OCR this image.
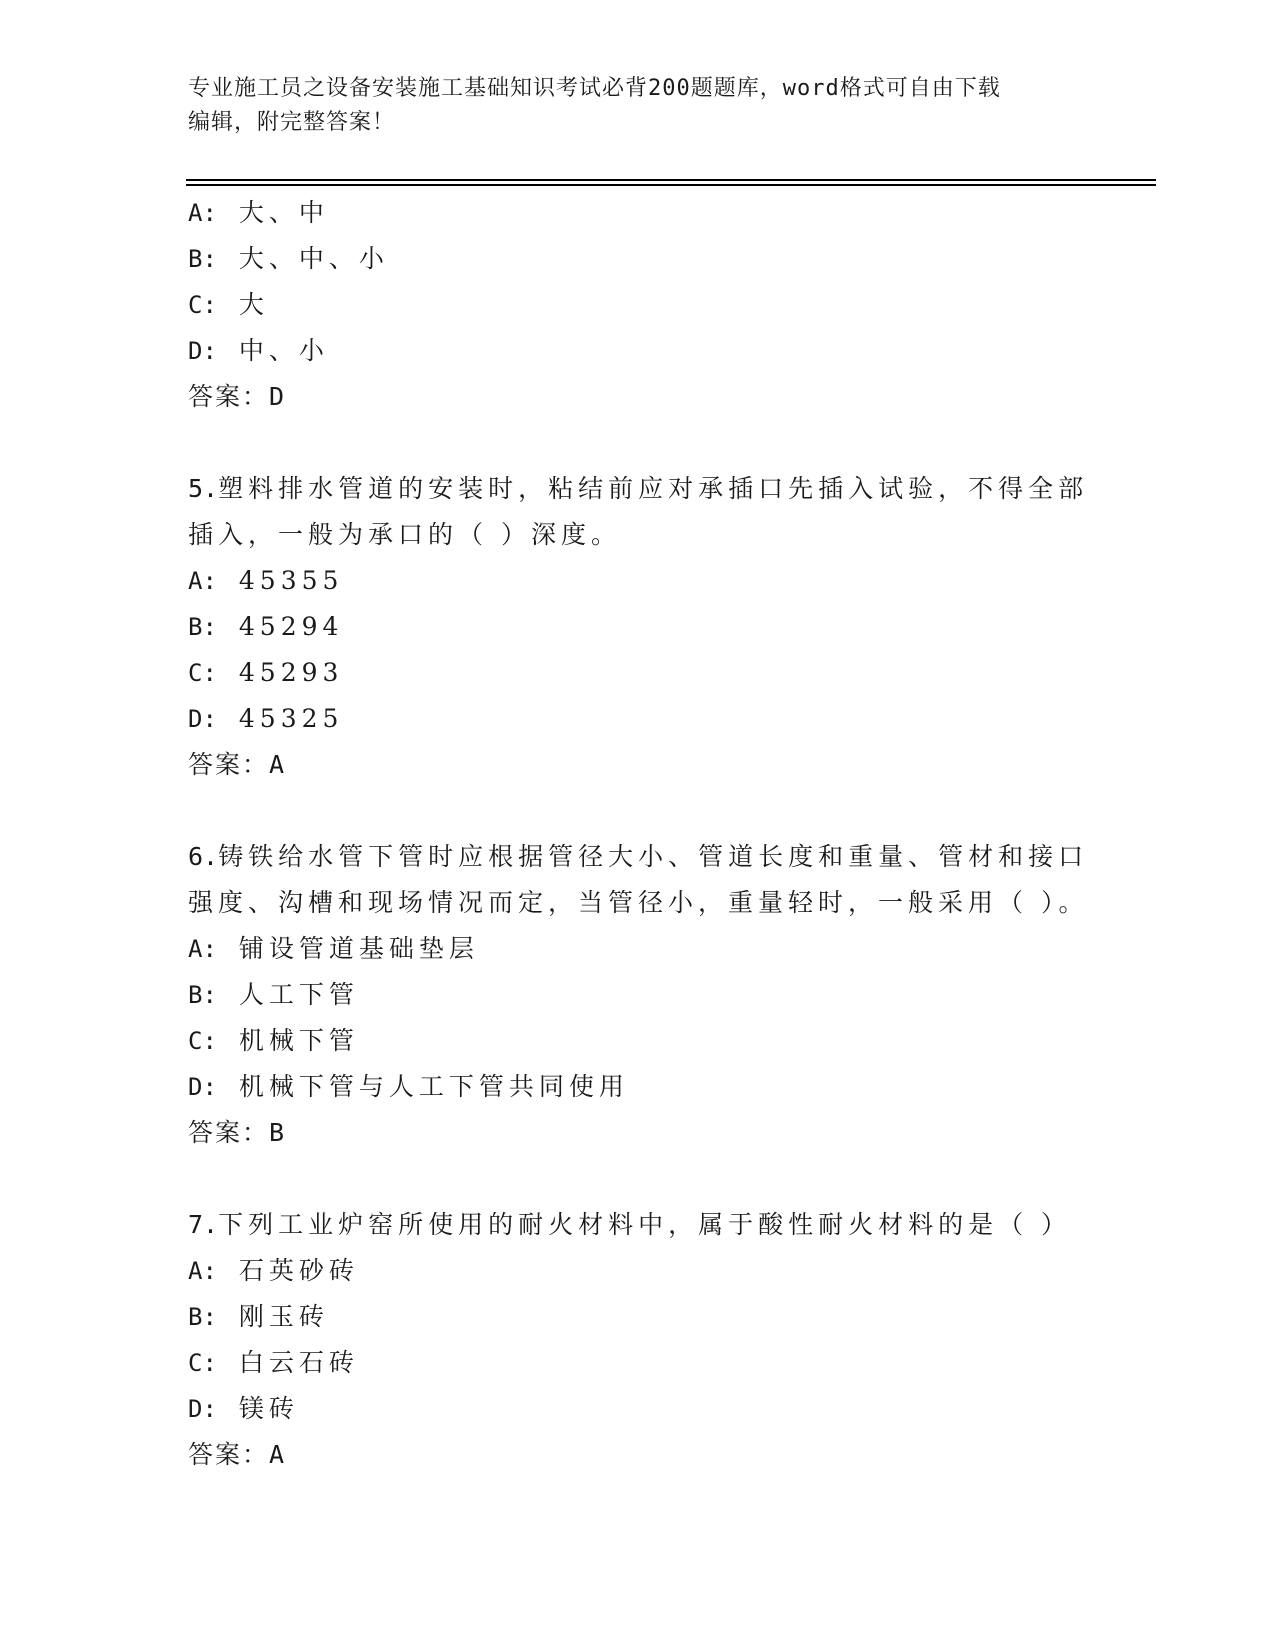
专业施工员之设备安装施工基础知识考试必背200题题库，word格式可自由下载
编辑，附完整答案！
A: 大、中
B: 大、中、小
C: 大
D: 中、小
答案：D
5.塑料排水管道的安装时，粘结前应对承插口先插入试验，不得全部
插入，一般为承口的（ ）深度。
A: 45355
B: 45294
C: 45293
D: 45325
答案：A
6.铸铁给水管下管时应根据管径大小、管道长度和重量、管材和接口
强度、沟槽和现场情况而定，当管径小，重量轻时，一般采用（ ）。
A: 铺设管道基础垫层
B: 人工下管
C: 机械下管
D: 机械下管与人工下管共同使用
答案：B
7.下列工业炉窑所使用的耐火材料中，属于酸性耐火材料的是（ ）
A: 石英砂砖
B: 刚玉砖
C: 白云石砖
D: 镁砖
答案：A
